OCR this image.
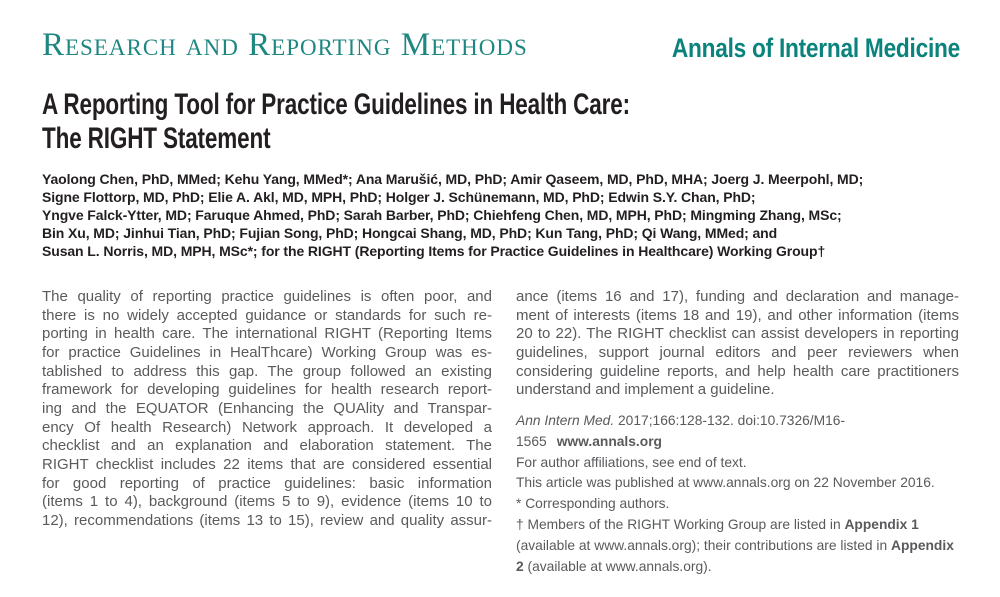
Research and Reporting Methods	Annals of Internal Medicine
A Reporting Tool for Practice Guidelines in Health Care:
The RIGHT Statement
Yaolong Chen, PhD, MMed; Kehu Yang, MMed*; Ana Marušić, MD, PhD; Amir Qaseem, MD, PhD, MHA; Joerg J. Meerpohl, MD;
Signe Flottorp, MD, PhD; Elie A. Akl, MD, MPH, PhD; Holger J. Schünemann, MD, PhD; Edwin S.Y. Chan, PhD;
Yngve Falck-Ytter, MD; Faruque Ahmed, PhD; Sarah Barber, PhD; Chiehfeng Chen, MD, MPH, PhD; Mingming Zhang, MSc;
Bin Xu, MD; Jinhui Tian, PhD; Fujian Song, PhD; Hongcai Shang, MD, PhD; Kun Tang, PhD; Qi Wang, MMed; and
Susan L. Norris, MD, MPH, MSc*; for the RIGHT (Reporting Items for Practice Guidelines in Healthcare) Working Group†
The quality of reporting practice guidelines is often poor, and
there is no widely accepted guidance or standards for such re-
porting in health care. The international RIGHT (Reporting Items
for practice Guidelines in HealThcare) Working Group was es-
tablished to address this gap. The group followed an existing
framework for developing guidelines for health research report-
ing and the EQUATOR (Enhancing the QUAlity and Transpar-
ency Of health Research) Network approach. It developed a
checklist and an explanation and elaboration statement. The
RIGHT checklist includes 22 items that are considered essential
for good reporting of practice guidelines: basic information
(items 1 to 4), background (items 5 to 9), evidence (items 10 to
12), recommendations (items 13 to 15), review and quality assur-
ance (items 16 and 17), funding and declaration and manage-
ment of interests (items 18 and 19), and other information (items
20 to 22). The RIGHT checklist can assist developers in reporting
guidelines, support journal editors and peer reviewers when
considering guideline reports, and help health care practitioners
understand and implement a guideline.
Ann Intern Med. 2017;166:128-132. doi:10.7326/M16-1565 www.annals.org
For author affiliations, see end of text.
This article was published at www.annals.org on 22 November 2016.
* Corresponding authors.
† Members of the RIGHT Working Group are listed in Appendix 1 (available at www.annals.org); their contributions are listed in Appendix 2 (available at www.annals.org).
